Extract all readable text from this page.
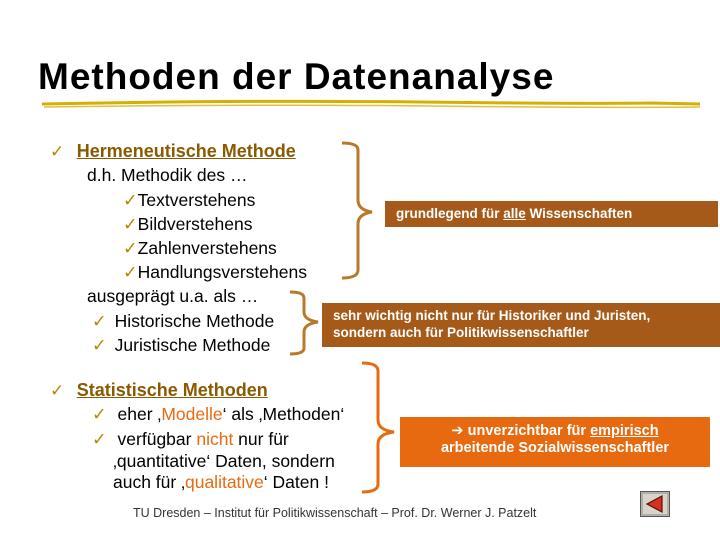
Methoden der Datenanalyse
✓ Hermeneutische Methode
d.h. Methodik des …
✓Textverstehens
✓Bildverstehens
✓Zahlenverstehens
✓Handlungsverstehens
ausgeprägt u.a. als …
✓ Historische Methode
✓ Juristische Methode
grundlegend für alle Wissenschaften
sehr wichtig nicht nur für Historiker und Juristen,
sondern auch für Politikwissenschaftler
✓ Statistische Methoden
✓ eher ‚Modelle‘ als ‚Methoden‘
✓ verfügbar nicht nur für
‚quantitative‘ Daten, sondern
auch für ‚qualitative‘ Daten !
➔ unverzichtbar für empirisch
arbeitende Sozialwissenschaftler
TU Dresden – Institut für Politikwissenschaft – Prof. Dr. Werner J. Patzelt
